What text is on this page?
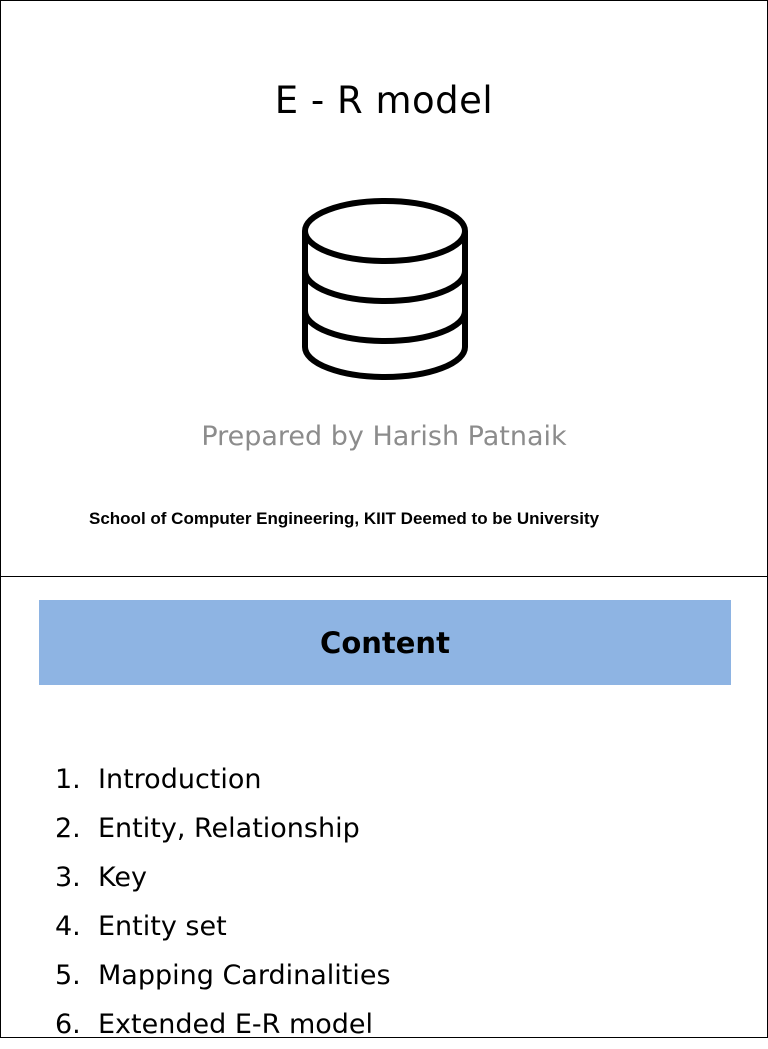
E - R model
Prepared by Harish Patnaik
School of Computer Engineering, KIIT Deemed to be University
Content
1. Introduction
2. Entity, Relationship
3. Key
4. Entity set
5. Mapping Cardinalities
6. Extended E-R model
